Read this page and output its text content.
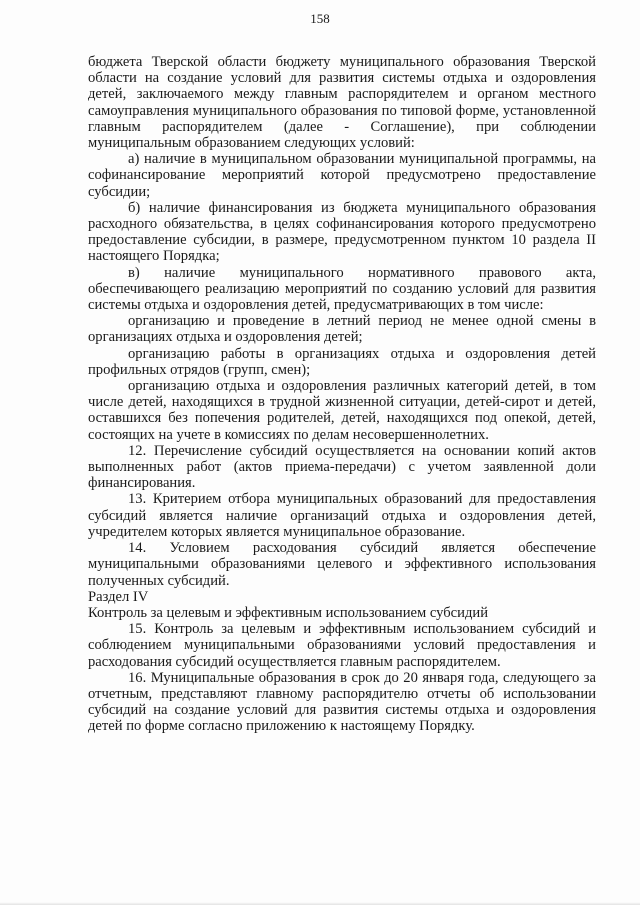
158

бюджета Тверской области бюджету муниципального образования Тверской области на создание условий для развития системы отдыха и оздоровления детей, заключаемого между главным распорядителем и органом местного самоуправления муниципального образования по типовой форме, установленной главным распорядителем (далее - Соглашение), при соблюдении муниципальным образованием следующих условий:

а) наличие в муниципальном образовании муниципальной программы, на софинансирование мероприятий которой предусмотрено предоставление субсидии;

б) наличие финансирования из бюджета муниципального образования расходного обязательства, в целях софинансирования которого предусмотрено предоставление субсидии, в размере, предусмотренном пунктом 10 раздела II настоящего Порядка;

в) наличие муниципального нормативного правового акта, обеспечивающего реализацию мероприятий по созданию условий для развития системы отдыха и оздоровления детей, предусматривающих в том числе:

организацию и проведение в летний период не менее одной смены в организациях отдыха и оздоровления детей;

организацию работы в организациях отдыха и оздоровления детей профильных отрядов (групп, смен);

организацию отдыха и оздоровления различных категорий детей, в том числе детей, находящихся в трудной жизненной ситуации, детей-сирот и детей, оставшихся без попечения родителей, детей, находящихся под опекой, детей, состоящих на учете в комиссиях по делам несовершеннолетних.

12. Перечисление субсидий осуществляется на основании копий актов выполненных работ (актов приема-передачи) с учетом заявленной доли финансирования.

13. Критерием отбора муниципальных образований для предоставления субсидий является наличие организаций отдыха и оздоровления детей, учредителем которых является муниципальное образование.

14. Условием расходования субсидий является обеспечение муниципальными образованиями целевого и эффективного использования полученных субсидий.

Раздел IV

Контроль за целевым и эффективным использованием субсидий

15. Контроль за целевым и эффективным использованием субсидий и соблюдением муниципальными образованиями условий предоставления и расходования субсидий осуществляется главным распорядителем.

16. Муниципальные образования в срок до 20 января года, следующего за отчетным, представляют главному распорядителю отчеты об использовании субсидий на создание условий для развития системы отдыха и оздоровления детей по форме согласно приложению к настоящему Порядку.
